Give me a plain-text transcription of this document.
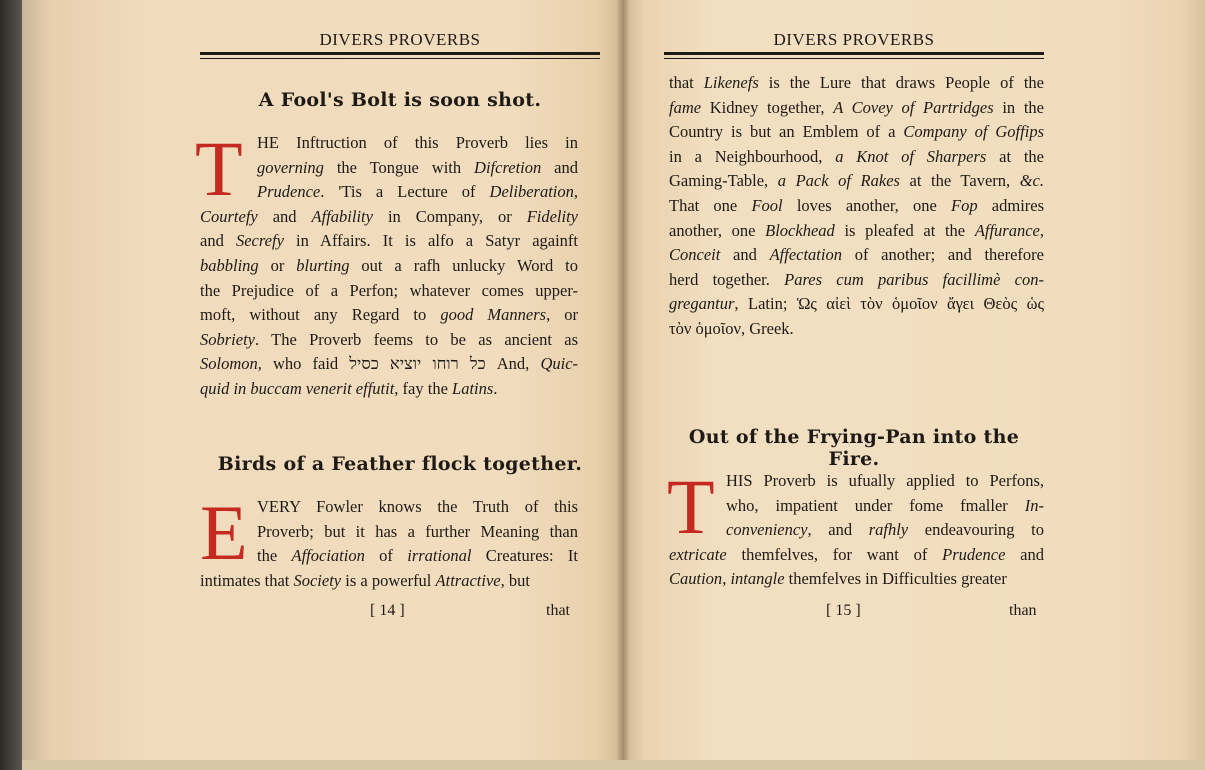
DIVERS PROVERBS
A Fool's Bolt is soon shot.
T HE Inftruction of this Proverb lies in
governing the Tongue with Difcretion and
Prudence. 'Tis a Lecture of Deliberation,
Courtefy and Affability in Company, or Fidelity
and Secrefy in Affairs. It is alfo a Satyr againft
babbling or blurting out a rafh unlucky Word to
the Prejudice of a Perfon; whatever comes upper-
moft, without any Regard to good Manners, or
Sobriety. The Proverb feems to be as ancient as
Solomon, who faid כל רוחו יוציא כסיל And, Quic-
quid in buccam venerit effutit, fay the Latins.
Birds of a Feather flock together.
E VERY Fowler knows the Truth of this
Proverb; but it has a further Meaning than
the Affociation of irrational Creatures: It
intimates that Society is a powerful Attractive, but
[ 14 ]	that
DIVERS PROVERBS
that Likenefs is the Lure that draws People of the
fame Kidney together, A Covey of Partridges in the
Country is but an Emblem of a Company of Goffips
in a Neighbourhood, a Knot of Sharpers at the
Gaming-Table, a Pack of Rakes at the Tavern, &c.
That one Fool loves another, one Fop admires
another, one Blockhead is pleafed at the Affurance,
Conceit and Affectation of another; and therefore
herd together. Pares cum paribus facillimè con-
gregantur, Latin; Ὡς αἰεὶ τὸν ὁμοῖον ἄγει Θεὸς ὡς
τὸν ὁμοῖον, Greek.
Out of the Frying-Pan into the Fire.
T HIS Proverb is ufually applied to Perfons,
who, impatient under fome fmaller In-
conveniency, and rafhly endeavouring to
extricate themfelves, for want of Prudence and
Caution, intangle themfelves in Difficulties greater
[ 15 ]	than
